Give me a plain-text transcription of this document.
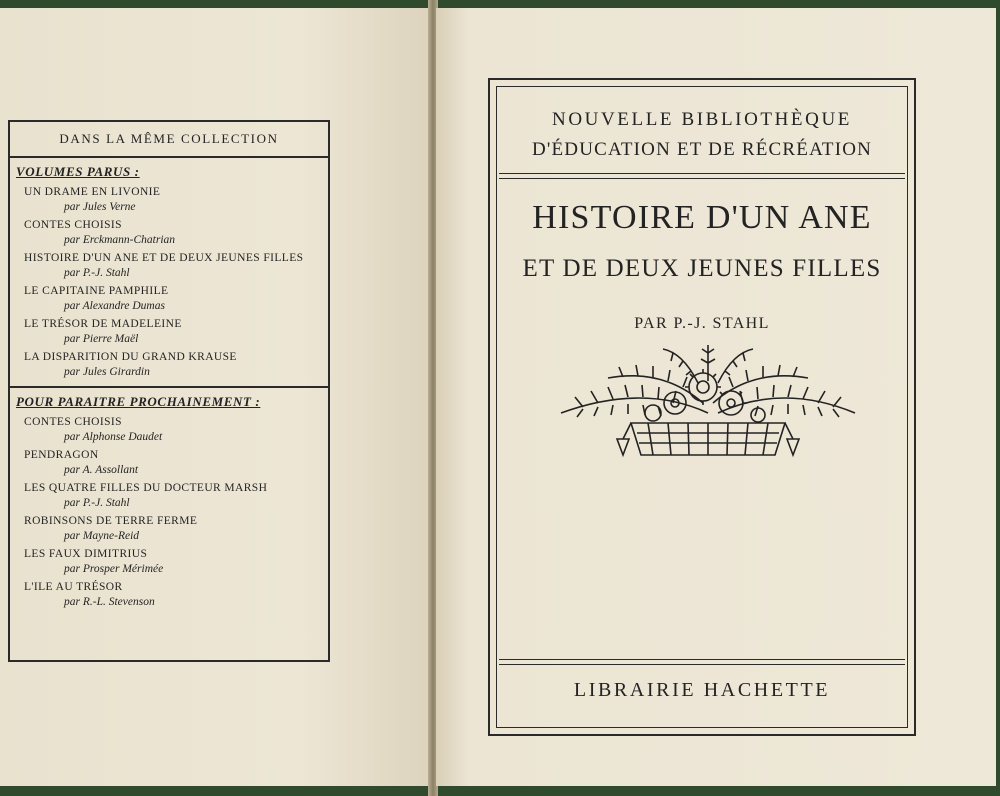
DANS LA MÊME COLLECTION
VOLUMES PARUS :
UN DRAME EN LIVONIE
par Jules Verne
CONTES CHOISIS
par Erckmann-Chatrian
HISTOIRE D'UN ANE ET DE DEUX JEUNES FILLES
par P.-J. Stahl
LE CAPITAINE PAMPHILE
par Alexandre Dumas
LE TRÉSOR DE MADELEINE
par Pierre Maël
LA DISPARITION DU GRAND KRAUSE
par Jules Girardin
POUR PARAITRE PROCHAINEMENT :
CONTES CHOISIS
par Alphonse Daudet
PENDRAGON
par A. Assollant
LES QUATRE FILLES DU DOCTEUR MARSH
par P.-J. Stahl
ROBINSONS DE TERRE FERME
par Mayne-Reid
LES FAUX DIMITRIUS
par Prosper Mérimée
L'ILE AU TRÉSOR
par R.-L. Stevenson
NOUVELLE BIBLIOTHÈQUE
D'ÉDUCATION ET DE RÉCRÉATION
HISTOIRE D'UN ANE
ET DE DEUX JEUNES FILLES
PAR P.-J. STAHL
LIBRAIRIE HACHETTE
